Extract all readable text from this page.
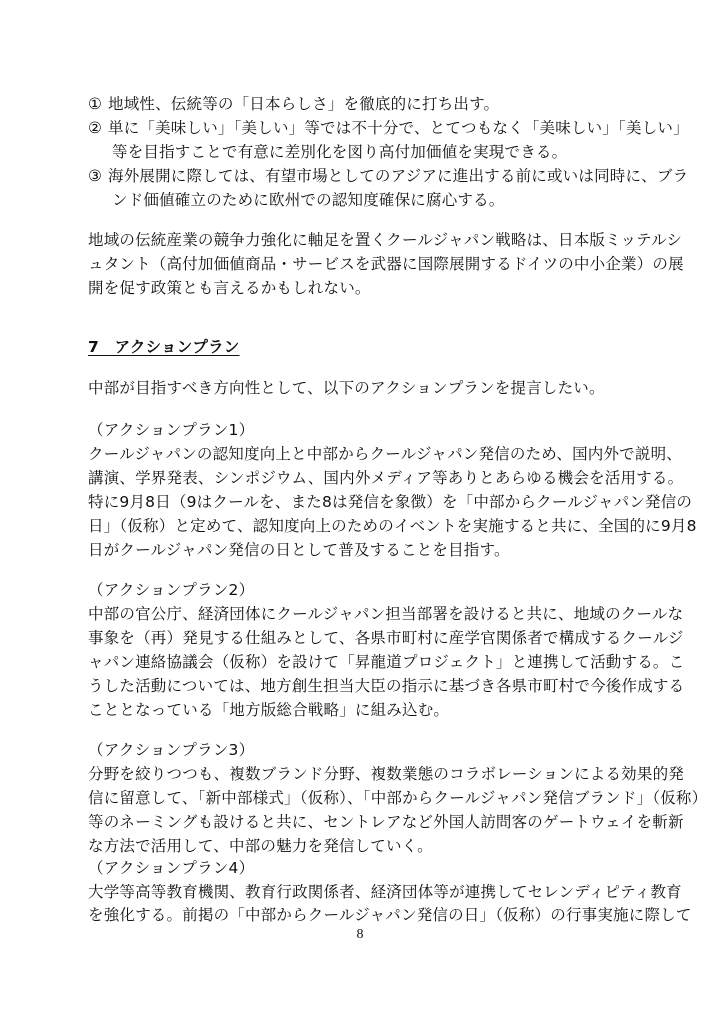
① 地域性、伝統等の「日本らしさ」を徹底的に打ち出す。
② 単に「美味しい」「美しい」等では不十分で、とてつもなく「美味しい」「美しい」
等を目指すことで有意に差別化を図り高付加価値を実現できる。
③ 海外展開に際しては、有望市場としてのアジアに進出する前に或いは同時に、ブラ
ンド価値確立のために欧州での認知度確保に腐心する。
地域の伝統産業の競争力強化に軸足を置くクールジャパン戦略は、日本版ミッテルシ
ュタント（高付加価値商品・サービスを武器に国際展開するドイツの中小企業）の展
開を促す政策とも言えるかもしれない。
7　アクションプラン
中部が目指すべき方向性として、以下のアクションプランを提言したい。
（アクションプラン1）
クールジャパンの認知度向上と中部からクールジャパン発信のため、国内外で説明、
講演、学界発表、シンポジウム、国内外メディア等ありとあらゆる機会を活用する。
特に9月8日（9はクールを、また8は発信を象徴）を「中部からクールジャパン発信の
日」（仮称）と定めて、認知度向上のためのイベントを実施すると共に、全国的に9月8
日がクールジャパン発信の日として普及することを目指す。
（アクションプラン2）
中部の官公庁、経済団体にクールジャパン担当部署を設けると共に、地域のクールな
事象を（再）発見する仕組みとして、各県市町村に産学官関係者で構成するクールジ
ャパン連絡協議会（仮称）を設けて「昇龍道プロジェクト」と連携して活動する。こ
うした活動については、地方創生担当大臣の指示に基づき各県市町村で今後作成する
こととなっている「地方版総合戦略」に組み込む。
（アクションプラン3）
分野を絞りつつも、複数ブランド分野、複数業態のコラボレーションによる効果的発
信に留意して、「新中部様式」（仮称）、「中部からクールジャパン発信ブランド」（仮称）
等のネーミングも設けると共に、セントレアなど外国人訪問客のゲートウェイを斬新
な方法で活用して、中部の魅力を発信していく。
（アクションプラン4）
大学等高等教育機関、教育行政関係者、経済団体等が連携してセレンディピティ教育
を強化する。前掲の「中部からクールジャパン発信の日」（仮称）の行事実施に際して
8
